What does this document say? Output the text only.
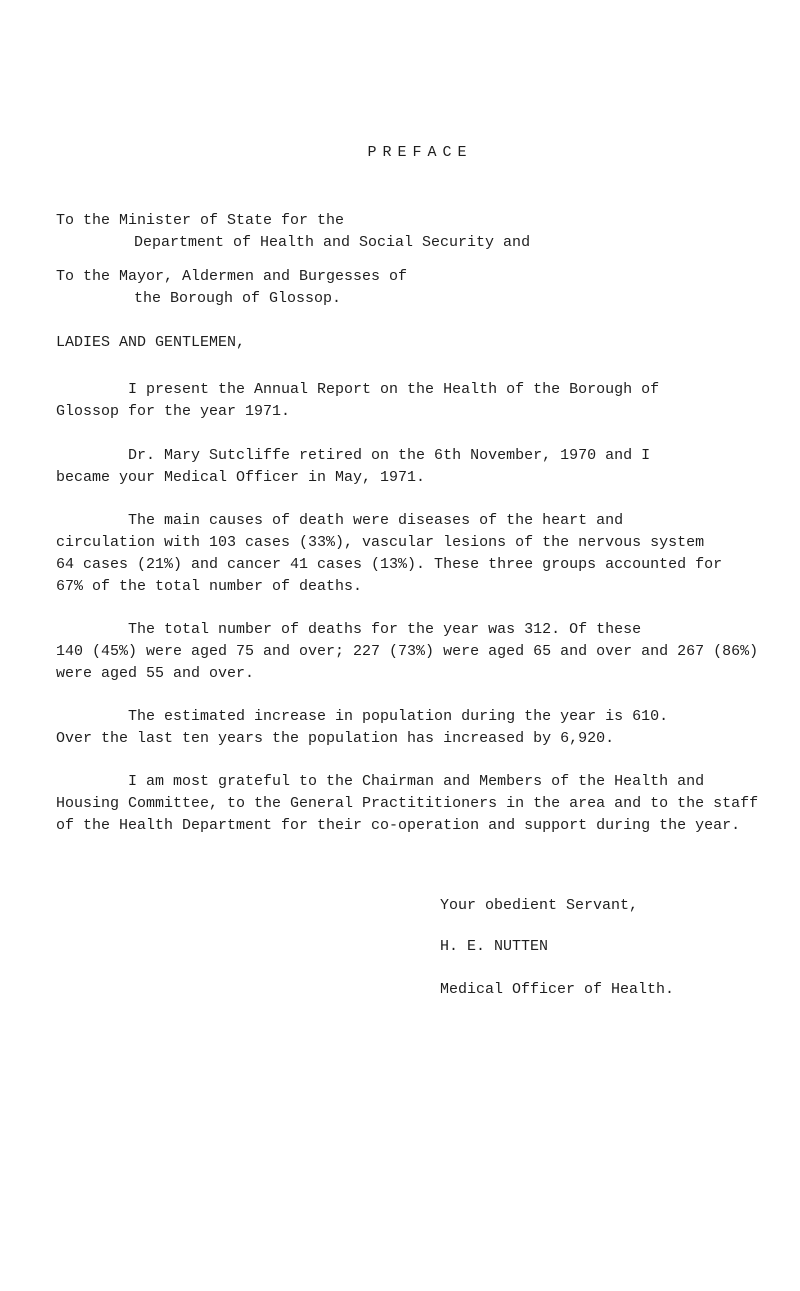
PREFACE
To the Minister of State for the
Department of Health and Social Security and
To the Mayor, Aldermen and Burgesses of
the Borough of Glossop.
LADIES AND GENTLEMEN,

I present the Annual Report on the Health of the Borough of

Glossop for the year 1971.

Dr. Mary Sutcliffe retired on the 6th November, 1970 and I

became your Medical Officer in May, 1971.

The main causes of death were diseases of the heart and

circulation with 103 cases (33%), vascular lesions of the nervous system

64 cases (21%) and cancer 41 cases (13%). These three groups accounted for

67% of the total number of deaths.

The total number of deaths for the year was 312. Of these

140 (45%) were aged 75 and over; 227 (73%) were aged 65 and over and 267 (86%)

were aged 55 and over.

The estimated increase in population during the year is 610.

Over the last ten years the population has increased by 6,920.

I am most grateful to the Chairman and Members of the Health and

Housing Committee, to the General Practititioners in the area and to the staff

of the Health Department for their co-operation and support during the year.

Your obedient Servant,
H. E. NUTTEN
Medical Officer of Health.
